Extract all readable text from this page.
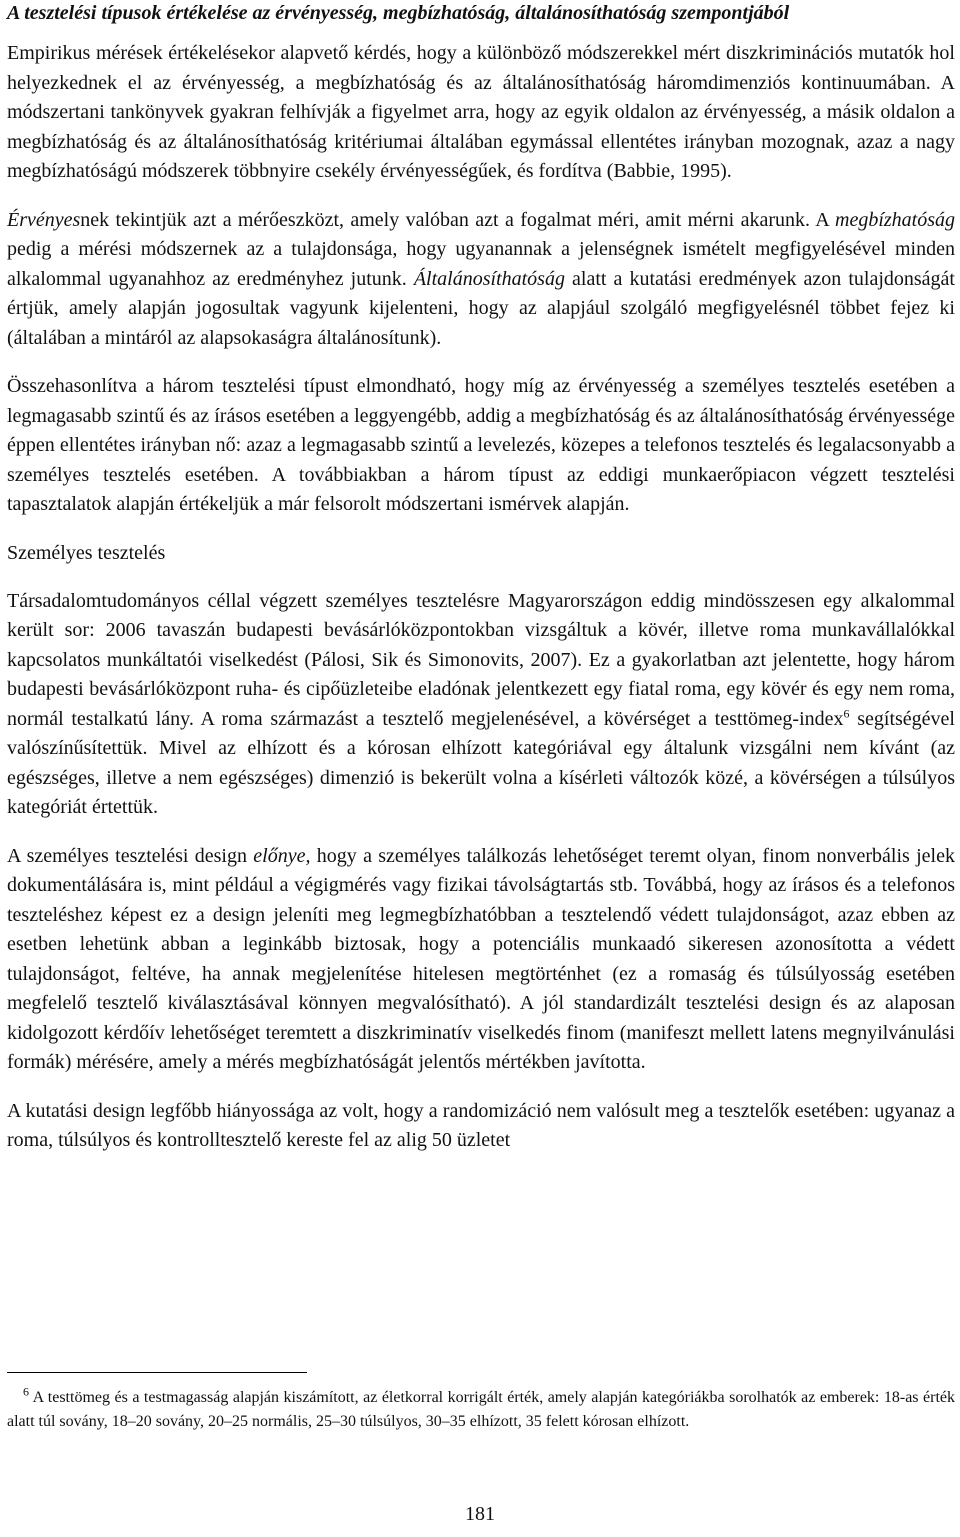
A tesztelési típusok értékelése az érvényesség, megbízhatóság, általánosíthatóság szempontjából

Empirikus mérések értékelésekor alapvető kérdés, hogy a különböző módszerekkel mért diszkriminációs mutatók hol helyezkednek el az érvényesség, a megbízhatóság és az általánosíthatóság háromdimenziós kontinuumában. A módszertani tankönyvek gyakran felhívják a figyelmet arra, hogy az egyik oldalon az érvényesség, a másik oldalon a megbízhatóság és az általánosíthatóság kritériumai általában egymással ellentétes irányban mozognak, azaz a nagy megbízhatóságú módszerek többnyire csekély érvényességűek, és fordítva (Babbie, 1995).

Érvényesnek tekintjük azt a mérőeszközt, amely valóban azt a fogalmat méri, amit mérni akarunk. A megbízhatóság pedig a mérési módszernek az a tulajdonsága, hogy ugyanannak a jelenségnek ismételt megfigyelésével minden alkalommal ugyanahhoz az eredményhez jutunk. Általánosíthatóság alatt a kutatási eredmények azon tulajdonságát értjük, amely alapján jogosultak vagyunk kijelenteni, hogy az alapjául szolgáló megfigyelésnél többet fejez ki (általában a mintáról az alapsokaságra általánosítunk).

Összehasonlítva a három tesztelési típust elmondható, hogy míg az érvényesség a személyes tesztelés esetében a legmagasabb szintű és az írásos esetében a leggyengébb, addig a megbízhatóság és az általánosíthatóság érvényessége éppen ellentétes irányban nő: azaz a legmagasabb szintű a levelezés, közepes a telefonos tesztelés és legalacsonyabb a személyes tesztelés esetében. A továbbiakban a három típust az eddigi munkaerőpiacon végzett tesztelési tapasztalatok alapján értékeljük a már felsorolt módszertani ismérvek alapján.

Személyes tesztelés

Társadalomtudományos céllal végzett személyes tesztelésre Magyarországon eddig mindösszesen egy alkalommal került sor: 2006 tavaszán budapesti bevásárlóközpontokban vizsgáltuk a kövér, illetve roma munkavállalókkal kapcsolatos munkáltatói viselkedést (Pálosi, Sik és Simonovits, 2007). Ez a gyakorlatban azt jelentette, hogy három budapesti bevásárlóközpont ruha- és cipőüzleteibe eladónak jelentkezett egy fiatal roma, egy kövér és egy nem roma, normál testalkatú lány. A roma származást a tesztelő megjelenésével, a kövérséget a testtömeg-index$^6$ segítségével valószínűsítettük. Mivel az elhízott és a kórosan elhízott kategóriával egy általunk vizsgálni nem kívánt (az egészséges, illetve a nem egészséges) dimenzió is bekerült volna a kísérleti változók közé, a kövérségen a túlsúlyos kategóriát értettük.

A személyes tesztelési design előnye, hogy a személyes találkozás lehetőséget teremt olyan, finom nonverbális jelek dokumentálására is, mint például a végigmérés vagy fizikai távolságtartás stb. Továbbá, hogy az írásos és a telefonos teszteléshez képest ez a design jeleníti meg legmegbízhatóbban a tesztelendő védett tulajdonságot, azaz ebben az esetben lehetünk abban a leginkább biztosak, hogy a potenciális munkaadó sikeresen azonosította a védett tulajdonságot, feltéve, ha annak megjelenítése hitelesen megtörténhet (ez a romaság és túlsúlyosság esetében megfelelő tesztelő kiválasztásával könnyen megvalósítható). A jól standardizált tesztelési design és az alaposan kidolgozott kérdőív lehetőséget teremtett a diszkriminatív viselkedés finom (manifeszt mellett latens megnyilvánulási formák) mérésére, amely a mérés megbízhatóságát jelentős mértékben javította.

A kutatási design legfőbb hiányossága az volt, hogy a randomizáció nem valósult meg a tesztelők esetében: ugyanaz a roma, túlsúlyos és kontrolltesztelő kereste fel az alig 50 üzletet

$^6$ A testtömeg és a testmagasság alapján kiszámított, az életkorral korrigált érték, amely alapján kategóriákba sorolhatók az emberek: 18-as érték alatt túl sovány, 18–20 sovány, 20–25 normális, 25–30 túlsúlyos, 30–35 elhízott, 35 felett kórosan elhízott.

181
